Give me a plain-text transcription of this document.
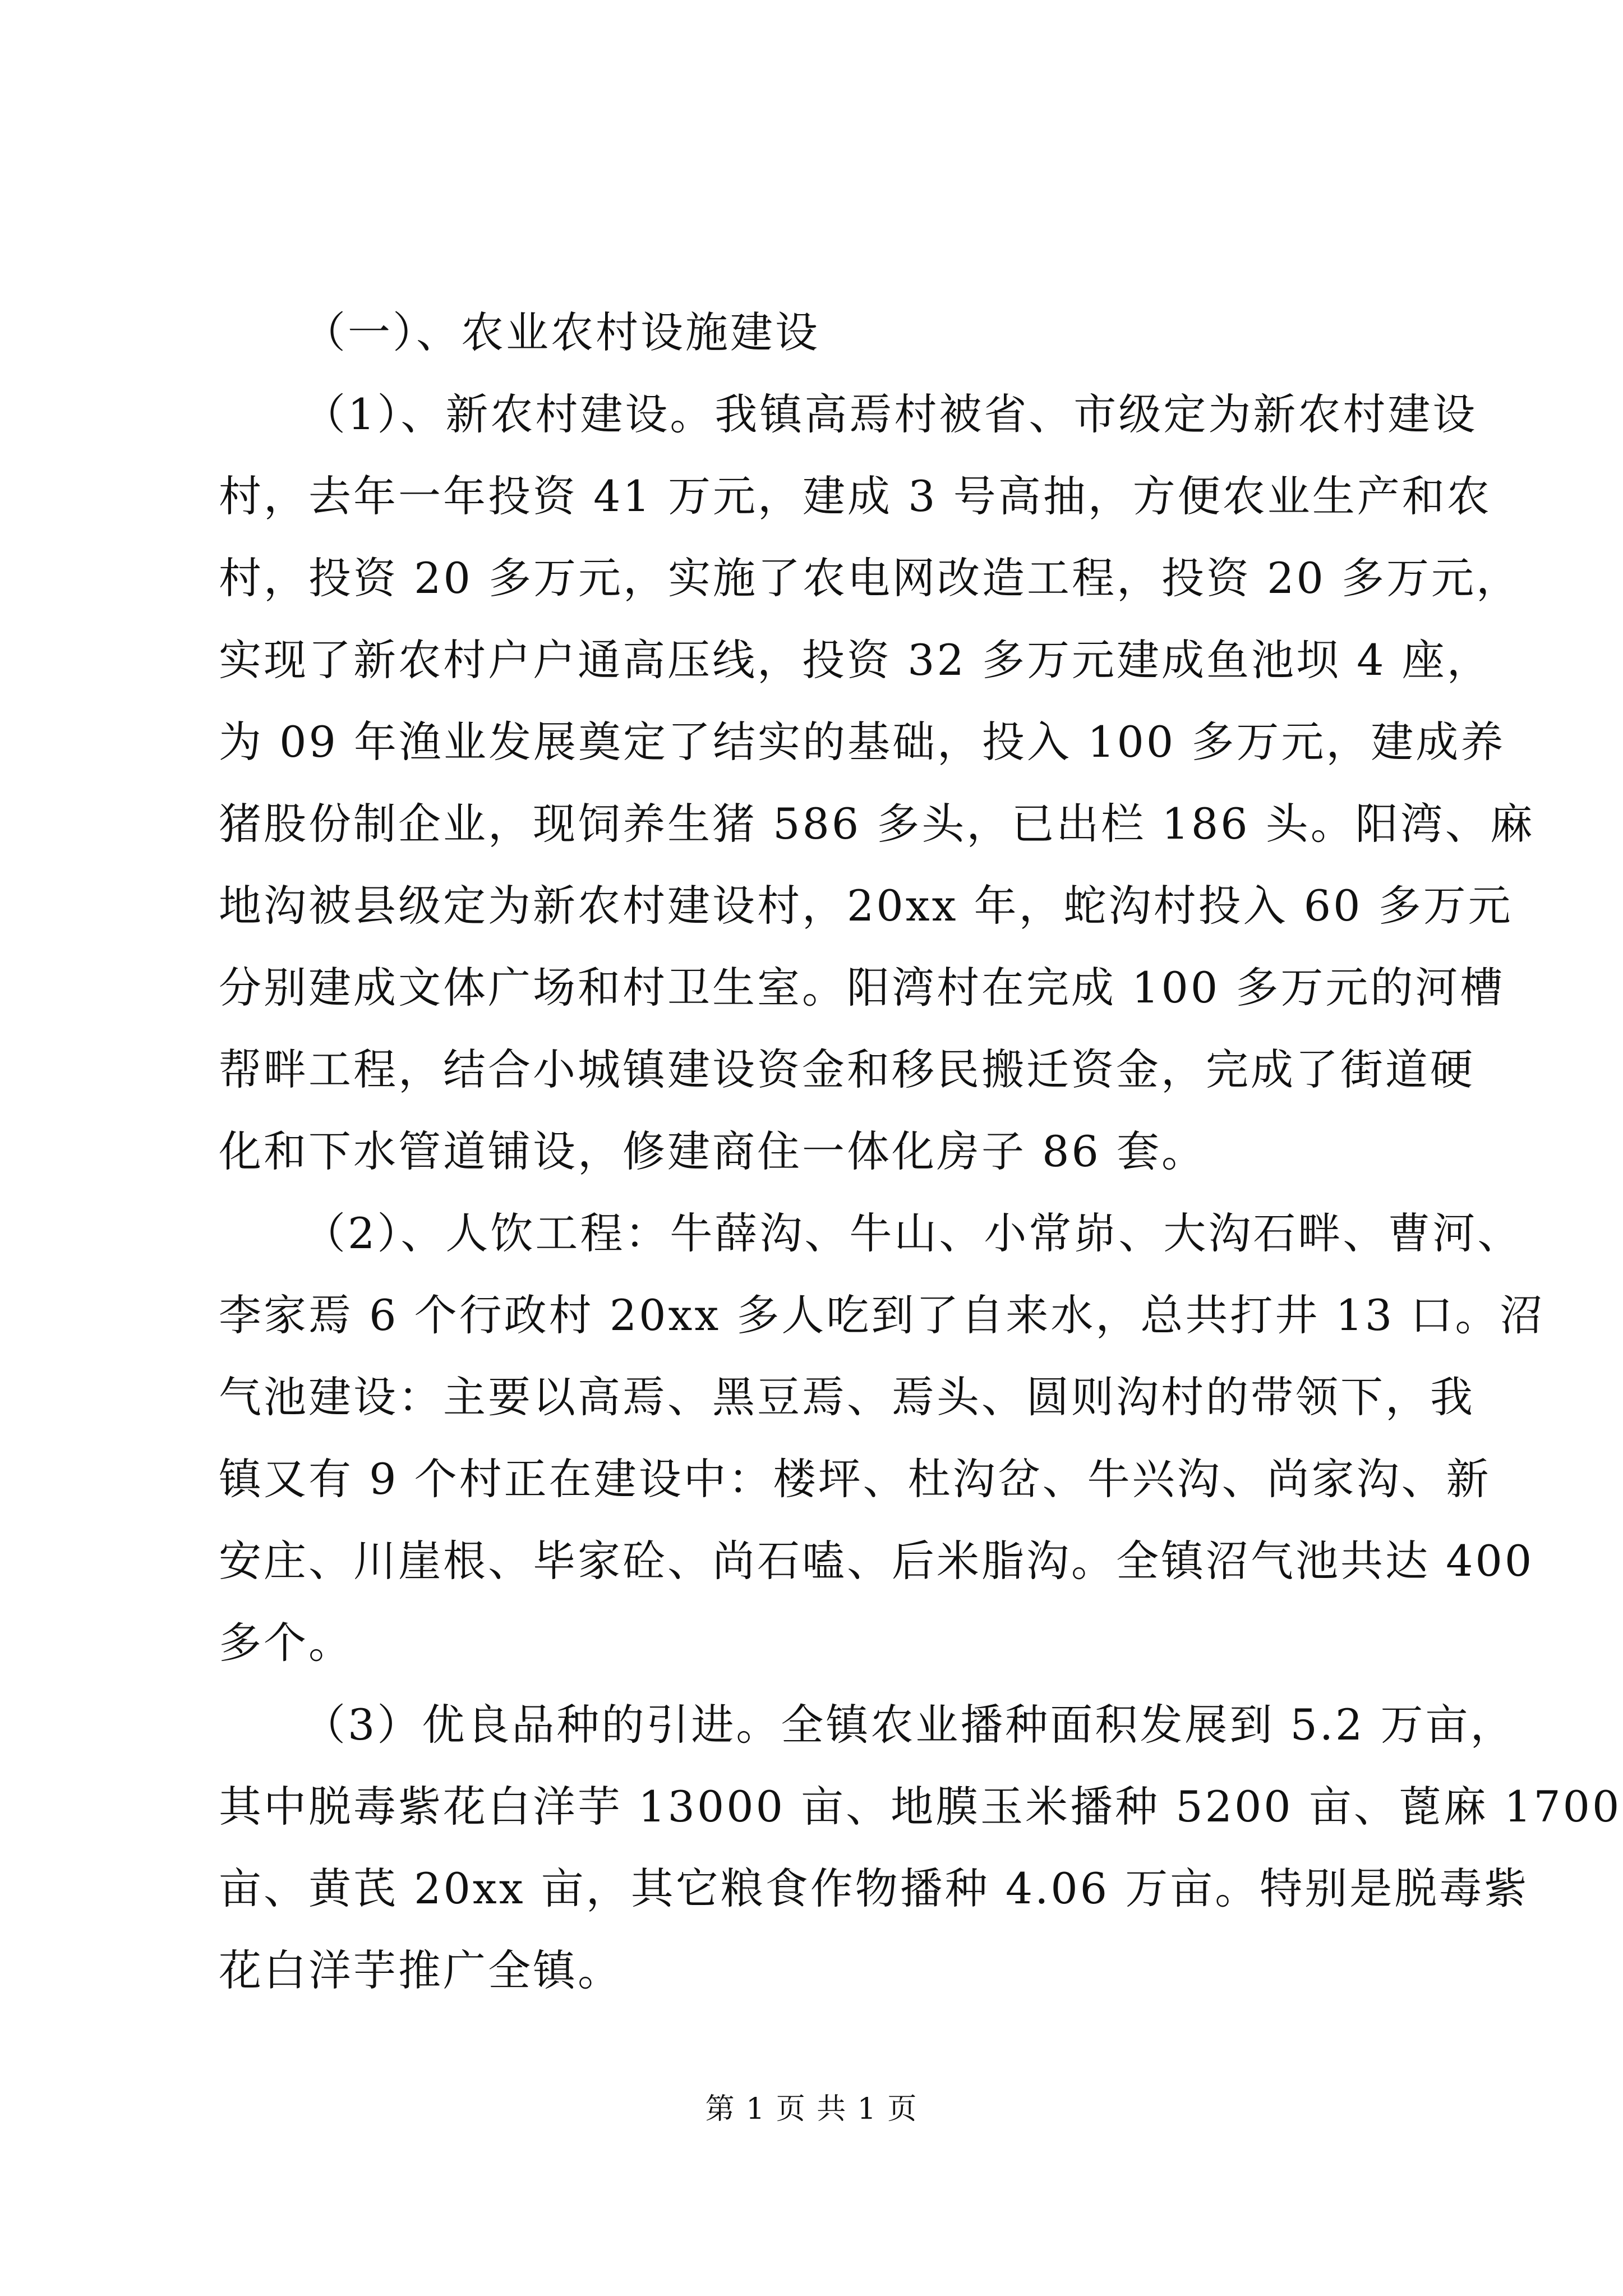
（一）、农业农村设施建设
（1）、新农村建设。我镇高焉村被省、市级定为新农村建设
村，去年一年投资 41 万元，建成 3 号高抽，方便农业生产和农
村，投资 20 多万元，实施了农电网改造工程，投资 20 多万元，
实现了新农村户户通高压线，投资 32 多万元建成鱼池坝 4 座，
为 09 年渔业发展奠定了结实的基础，投入 100 多万元，建成养
猪股份制企业，现饲养生猪 586 多头，已出栏 186 头。阳湾、麻
地沟被县级定为新农村建设村，20xx 年，蛇沟村投入 60 多万元
分别建成文体广场和村卫生室。阳湾村在完成 100 多万元的河槽
帮畔工程，结合小城镇建设资金和移民搬迁资金，完成了街道硬
化和下水管道铺设，修建商住一体化房子 86 套。
（2）、人饮工程：牛薛沟、牛山、小常峁、大沟石畔、曹河、
李家焉 6 个行政村 20xx 多人吃到了自来水，总共打井 13 口。沼
气池建设：主要以高焉、黑豆焉、焉头、圆则沟村的带领下，我
镇又有 9 个村正在建设中：楼坪、杜沟岔、牛兴沟、尚家沟、新
安庄、川崖根、毕家砼、尚石嗑、后米脂沟。全镇沼气池共达 400
多个。
（3）优良品种的引进。全镇农业播种面积发展到 5.2 万亩，
其中脱毒紫花白洋芋 13000 亩、地膜玉米播种 5200 亩、蓖麻 1700
亩、黄芪 20xx 亩，其它粮食作物播种 4.06 万亩。特别是脱毒紫
花白洋芋推广全镇。
第 1 页 共 1 页
